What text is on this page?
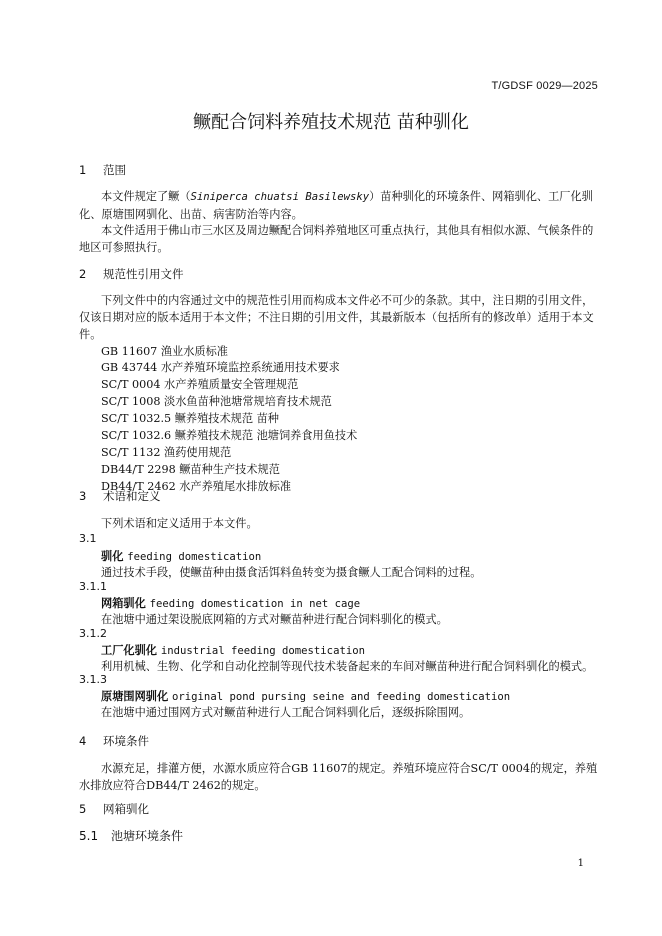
T/GDSF 0029—2025
鳜配合饲料养殖技术规范 苗种驯化
1 范围
本文件规定了鳜（Siniperca chuatsi Basilewsky）苗种驯化的环境条件、网箱驯化、工厂化驯化、原塘围网驯化、出苗、病害防治等内容。
本文件适用于佛山市三水区及周边鳜配合饲料养殖地区可重点执行，其他具有相似水源、气候条件的地区可参照执行。
2 规范性引用文件
下列文件中的内容通过文中的规范性引用而构成本文件必不可少的条款。其中，注日期的引用文件，仅该日期对应的版本适用于本文件；不注日期的引用文件，其最新版本（包括所有的修改单）适用于本文件。
GB 11607 渔业水质标准
GB 43744 水产养殖环境监控系统通用技术要求
SC/T 0004 水产养殖质量安全管理规范
SC/T 1008 淡水鱼苗种池塘常规培育技术规范
SC/T 1032.5 鳜养殖技术规范 苗种
SC/T 1032.6 鳜养殖技术规范 池塘饲养食用鱼技术
SC/T 1132 渔药使用规范
DB44/T 2298 鳜苗种生产技术规范
DB44/T 2462 水产养殖尾水排放标准
3 术语和定义
下列术语和定义适用于本文件。
3.1
驯化 feeding domestication
通过技术手段，使鳜苗种由摄食活饵料鱼转变为摄食鳜人工配合饲料的过程。
3.1.1
网箱驯化 feeding domestication in net cage
在池塘中通过架设脱底网箱的方式对鳜苗种进行配合饲料驯化的模式。
3.1.2
工厂化驯化 industrial feeding domestication
利用机械、生物、化学和自动化控制等现代技术装备起来的车间对鳜苗种进行配合饲料驯化的模式。
3.1.3
原塘围网驯化 original pond pursing seine and feeding domestication
在池塘中通过围网方式对鳜苗种进行人工配合饲料驯化后，逐级拆除围网。
4 环境条件
水源充足，排灌方便，水源水质应符合GB 11607的规定。养殖环境应符合SC/T 0004的规定，养殖水排放应符合DB44/T 2462的规定。
5 网箱驯化
5.1 池塘环境条件
1
